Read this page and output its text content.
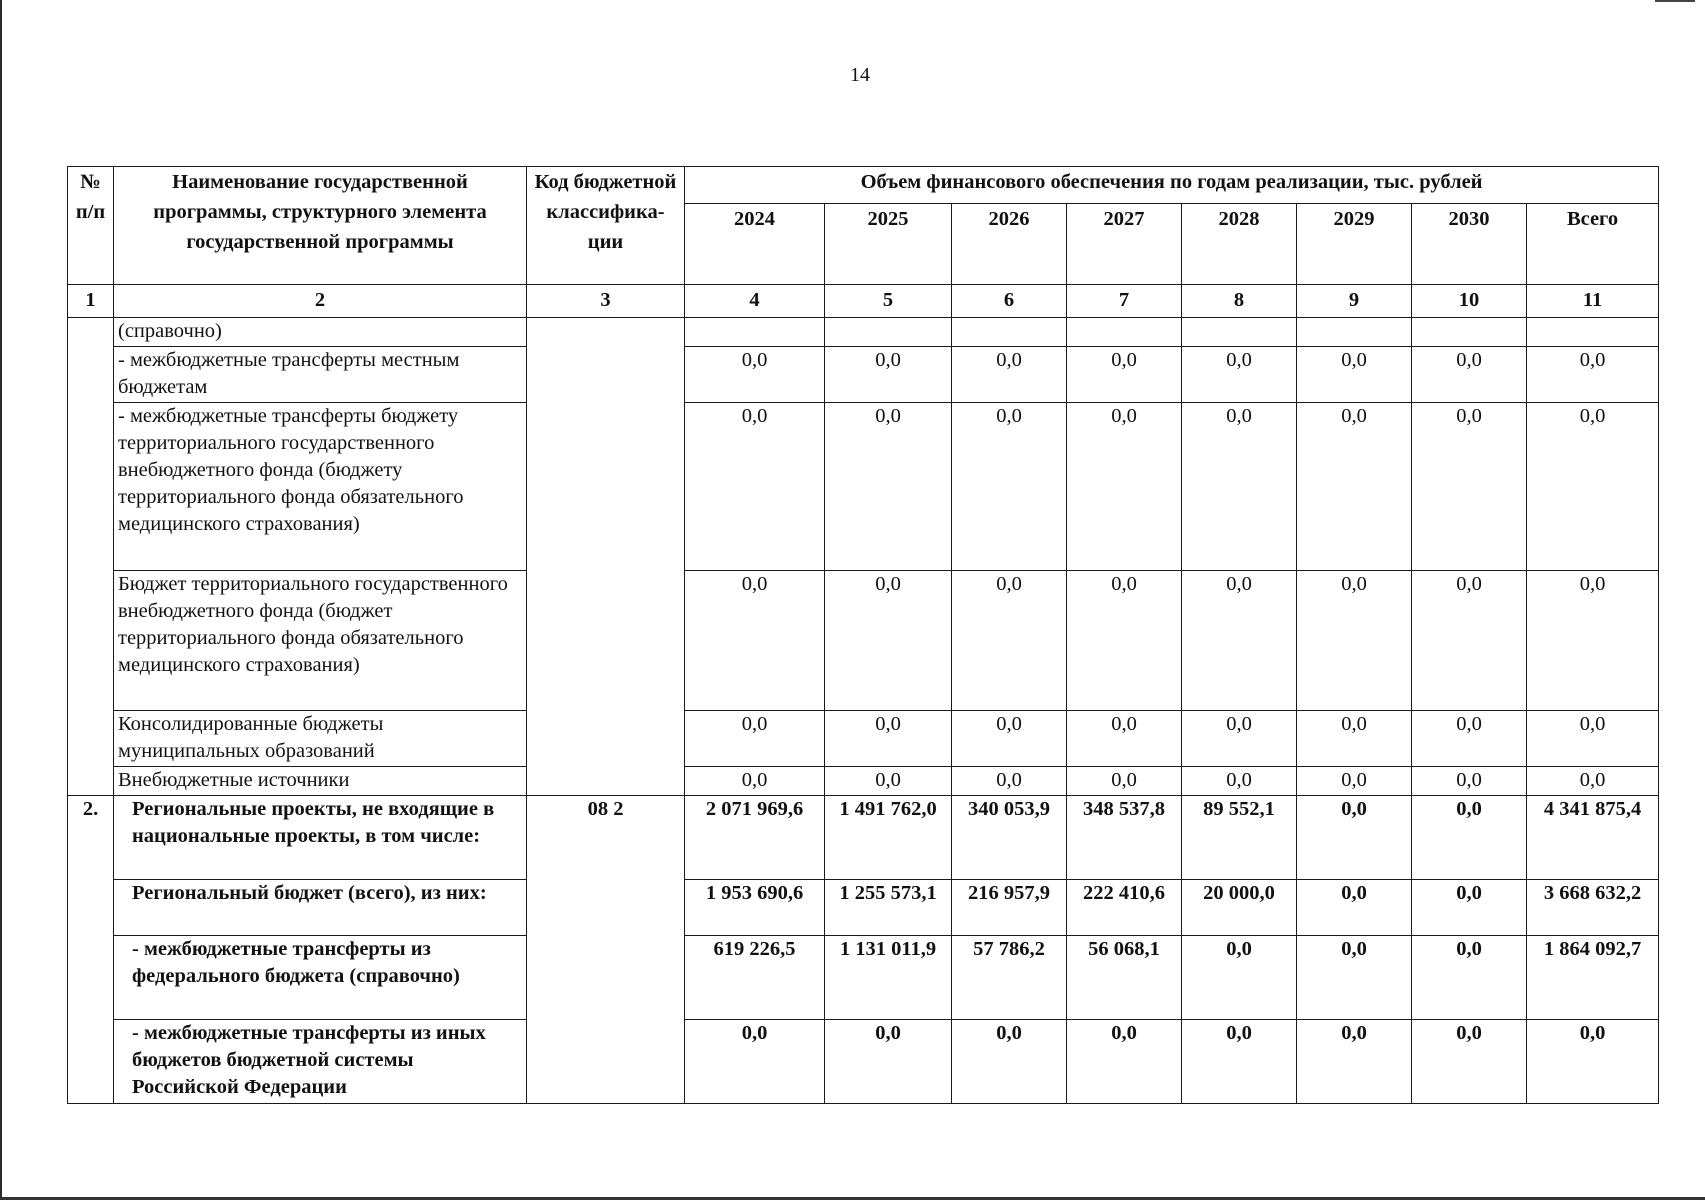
14
№ п/п	Наименование государственной программы, структурного элемента государственной программы	Код бюджетной классифика-ции	Объем финансового обеспечения по годам реализации, тыс. рублей							
			2024	2025	2026	2027	2028	2029	2030	Всего
1	2	3	4	5	6	7	8	9	10	11
	(справочно)									
	- межбюджетные трансферты местным бюджетам		0,0	0,0	0,0	0,0	0,0	0,0	0,0	0,0
	- межбюджетные трансферты бюджету территориального государственного внебюджетного фонда (бюджету территориального фонда обязательного медицинского страхования)		0,0	0,0	0,0	0,0	0,0	0,0	0,0	0,0
	Бюджет территориального государственного внебюджетного фонда (бюджет территориального фонда обязательного медицинского страхования)		0,0	0,0	0,0	0,0	0,0	0,0	0,0	0,0
	Консолидированные бюджеты муниципальных образований		0,0	0,0	0,0	0,0	0,0	0,0	0,0	0,0
	Внебюджетные источники		0,0	0,0	0,0	0,0	0,0	0,0	0,0	0,0
2.	Региональные проекты, не входящие в национальные проекты, в том числе:	08 2	2 071 969,6	1 491 762,0	340 053,9	348 537,8	89 552,1	0,0	0,0	4 341 875,4
	Региональный бюджет (всего), из них:		1 953 690,6	1 255 573,1	216 957,9	222 410,6	20 000,0	0,0	0,0	3 668 632,2
	- межбюджетные трансферты из федерального бюджета (справочно)		619 226,5	1 131 011,9	57 786,2	56 068,1	0,0	0,0	0,0	1 864 092,7
	- межбюджетные трансферты из иных бюджетов бюджетной системы Российской Федерации		0,0	0,0	0,0	0,0	0,0	0,0	0,0	0,0
